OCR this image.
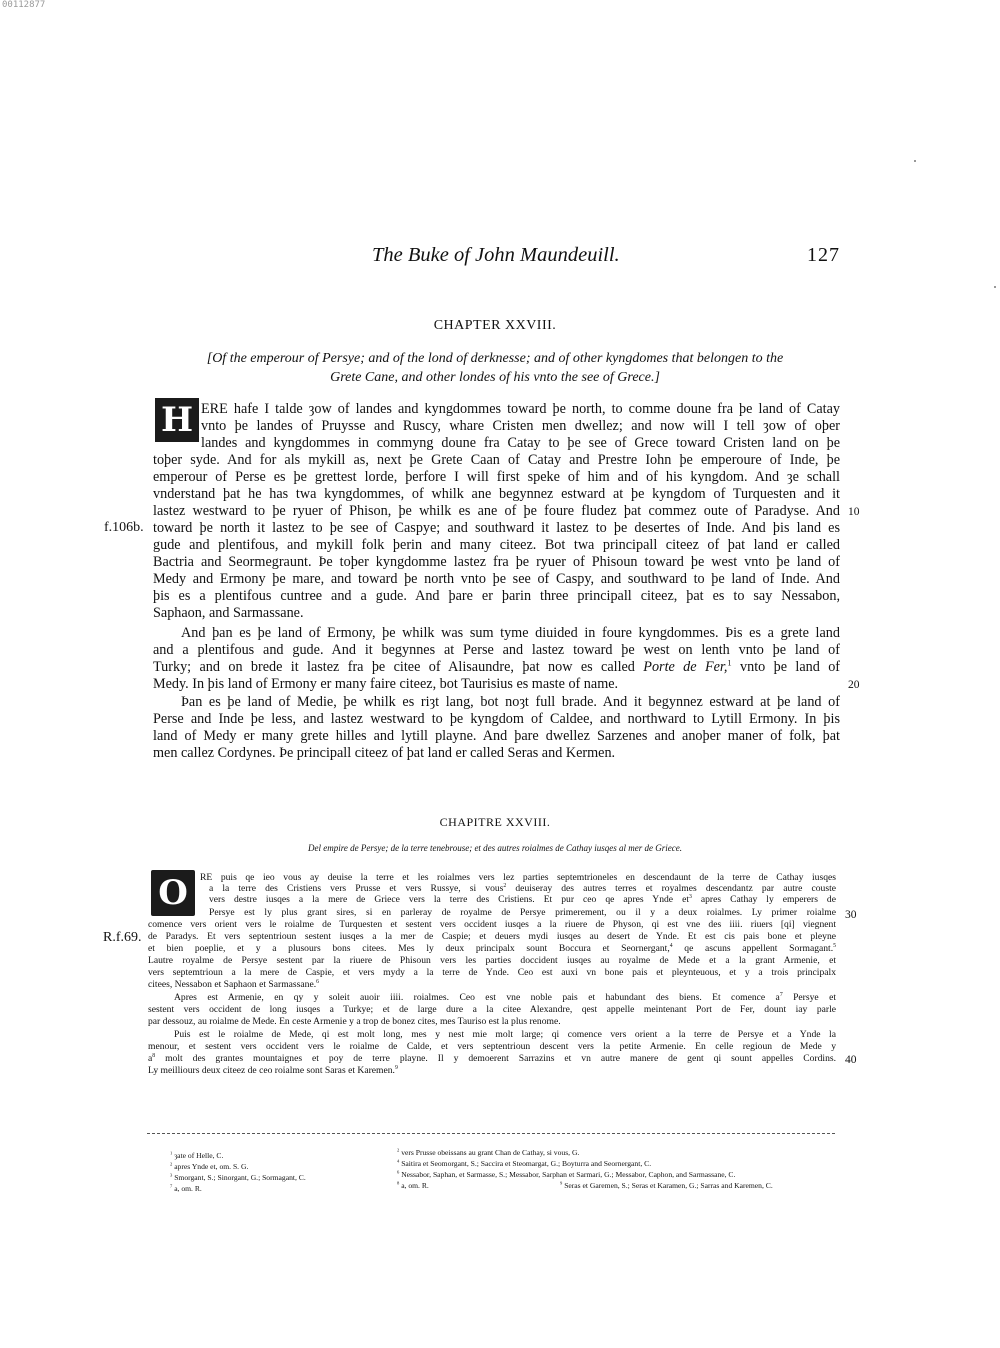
00112877
The Buke of John Maundeuill.	127
CHAPTER XXVIII.
[Of the emperour of Persye; and of the lond of derknesse; and of other kyngdomes that belongen to the
Grete Cane, and other londes of his vnto the see of Grece.]
H ERE hafe I talde ȝow of landes and kyngdommes toward þe north, to comme doune fra þe land of Catay
vnto þe landes of Pruysse and Ruscy, whare Cristen men dwellez; and now will I tell ȝow of oþer
landes and kyngdommes in commyng doune fra Catay to þe see of Grece toward Cristen land on þe
toþer syde. And for als mykill as, next þe Grete Caan of Catay and Prestre Iohn þe emperoure of Inde, þe
emperour of Perse es þe grettest lorde, þerfore I will first speke of him and of his kyngdom. And ȝe schall
vnderstand þat he has twa kyngdommes, of whilk ane begynnez estward at þe kyngdom of Turquesten and it
lastez westward to þe ryuer of Phison, þe whilk es ane of þe foure fludez þat commez oute of Paradyse. And
toward þe north it lastez to þe see of Caspye; and southward it lastez to þe desertes of Inde. And þis land es
gude and plentifous, and mykill folk þerin and many citeez. Bot twa principall citeez of þat land er called
Bactria and Seormegraunt. Þe toþer kyngdomme lastez fra þe ryuer of Phisoun toward þe west vnto þe land of
Medy and Ermony þe mare, and toward þe north vnto þe see of Caspy, and southward to þe land of Inde. And
þis es a plentifous cuntree and a gude. And þare er þarin three principall citeez, þat es to say Nessabon,
Saphaon, and Sarmassane.
And þan es þe land of Ermony, þe whilk was sum tyme diuided in foure kyngdommes. Þis es a grete land
and a plentifous and gude. And it begynnes at Perse and lastez toward þe west on lenth vnto þe land of
Turky; and on brede it lastez fra þe citee of Alisaundre, þat now es called Porte de Fer,$^1$ vnto þe land of
Medy. In þis land of Ermony er many faire citeez, bot Taurisius es maste of name.
Þan es þe land of Medie, þe whilk es riȝt lang, bot noȝt full brade. And it begynnez estward at þe land of
Perse and Inde þe less, and lastez westward to þe kyngdom of Caldee, and northward to Lytill Ermony. In þis
land of Medy er many grete hilles and lytill playne. And þare dwellez Sarzenes and anoþer maner of folk, þat
men callez Cordynes. Þe principall citeez of þat land er called Seras and Kermen.
10
20
f.106b.
CHAPITRE XXVIII.
Del empire de Persye; de la terre tenebrouse; et des autres roialmes de Cathay iusqes al mer de Griece.
O RE puis qe ieo vous ay deuise la terre et les roialmes vers lez parties septemtrioneles en descendaunt de la terre de Cathay iusqes
a la terre des Cristiens vers Prusse et vers Russye, si vous$^2$ deuiseray des autres terres et royalmes descendantz par autre couste
vers destre iusqes a la mere de Griece vers la terre des Cristiens. Et pur ceo qe apres Ynde $et^3$ apres Cathay ly emperers de
Persye est ly plus grant sires, si en parleray de royalme de Persye primerement, ou il y a deux roialmes. Ly primer roialme
comence vers orient vers le roialme de Turquesten et sestent vers occident iusqes a la riuere de Physon, qi est vne des iiii. riuers [qi] viegnent
de Paradys. Et vers septentrioun sestent iusqes a la mer de Caspie; et deuers mydi iusqes au desert de Ynde. Et est cis pais bone et pleyne
et bien poeplie, et y a plusours bons citees. Mes ly deux principalx sount Boccura et Seornergant,$^4$ qe ascuns appellent Sormagant.$^5$
Lautre royalme de Persye sestent par la riuere de Phisoun vers les parties doccident iusqes au royalme de Mede et a la grant Armenie, et
vers septemtrioun a la mere de Caspie, et vers mydy a la terre de Ynde. Ceo est auxi vn bone pais et pleynteuous, et y a trois principalx
citees, Nessabon et Saphaon et Sarmassane.$^6$
Apres est Armenie, en qy y soleit auoir iiii. roialmes. Ceo est vne noble pais et habundant des biens. Et comence $a^7$ Persye et
sestent vers occident de long iusqes a Turkye; et de large dure a la citee Alexandre, qest appelle meintenant Port de Fer, dount iay parle
par dessouz, au roialme de Mede. En ceste Armenie y a trop de bonez cites, mes Tauriso est la plus renome.
Puis est le roialme de Mede, qi est molt long, mes y nest mie molt large; qi comence vers orient a la terre de Persye et a Ynde la
menour, et sestent vers occident vers le roialme de Calde, et vers septentrioun descent vers la petite Armenie. En celle regioun de Mede y
$a^8$ molt des grantes mountaignes et poy de terre playne. Il y demoerent Sarrazins et vn autre manere de gent qi sount appelles Cordins.
Ly meilliours deux citeez de ceo roialme sont Saras et Karemen.$^9$
30
40
R.f.69.
$^1$ ȝate of Helle, C.
$^2$ apres Ynde et, om. S. G.
$^3$ Smorgant, S.; Sinorgant, G.; Sormagant, C.
$^7$ a, om. R.
$^2$ vers Prusse obeissans au grant Chan de Cathay, si vous, G.
$^4$ Saitira et Seomorgant, S.; Saccira et Steomargat, G.; Boyturra and Seornergant, C.
$^6$ Nessabor, Saphan, et Sarmasse, S.; Messabor, Sarphan et Sarmari, G.; Messabor, Caphon, and Sarmassane, C.
$^8$ a, om. R.	$^9$ Seras et Garemen, S.; Seras et Karamen, G.; Sarras and Karemen, C.
